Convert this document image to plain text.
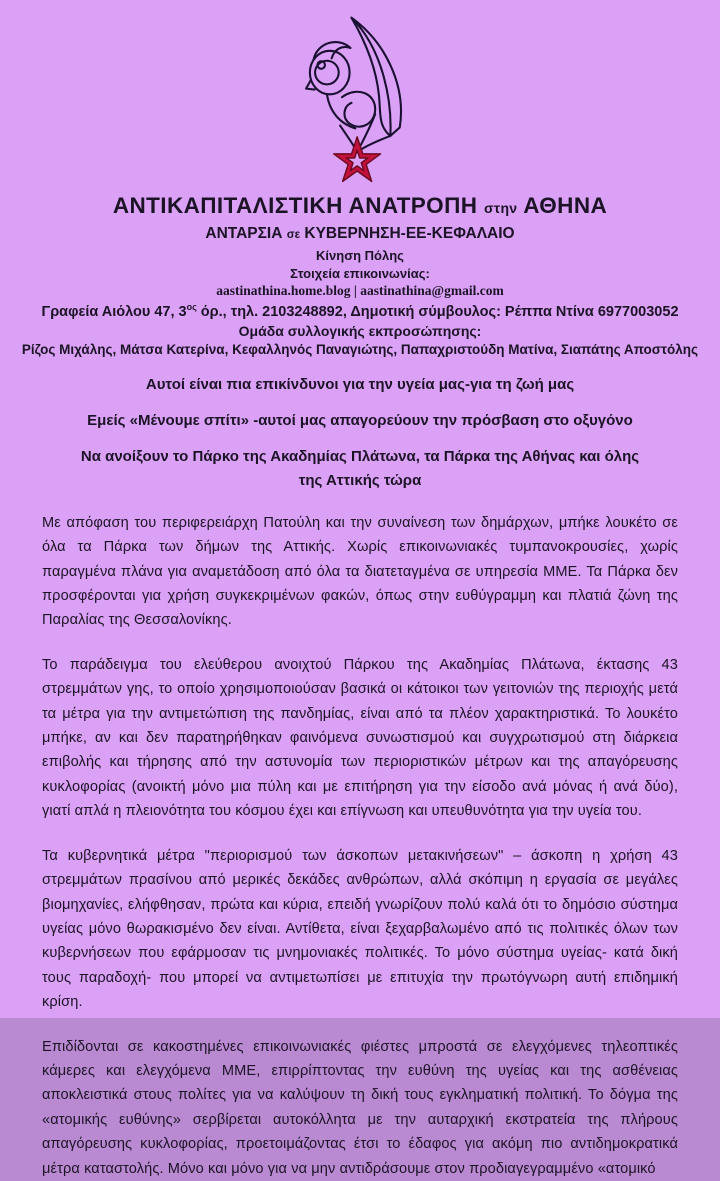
ΑΝΤΙΚΑΠΙΤΑΛΙΣΤΙΚΗ ΑΝΑΤΡΟΠΗ στην ΑΘΗΝΑ
ΑΝΤΑΡΣΙΑ σε ΚΥΒΕΡΝΗΣΗ-ΕΕ-ΚΕΦΑΛΑΙΟ
Κίνηση Πόλης
Στοιχεία επικοινωνίας:
aastinathina.home.blog | aastinathina@gmail.com
Γραφεία Αιόλου 47, $3^{o\varsigma}$ όρ., τηλ. 2103248892, Δημοτική σύμβουλος: Ρέππα Ντίνα 6977003052
Ομάδα συλλογικής εκπροσώπησης:
Ρίζος Μιχάλης, Μάτσα Κατερίνα, Κεφαλληνός Παναγιώτης, Παπαχριστούδη Ματίνα, Σιαπάτης Αποστόλης
Αυτοί είναι πια επικίνδυνοι για την υγεία μας-για τη ζωή μας
Εμείς «Μένουμε σπίτι» -αυτοί μας απαγορεύουν την πρόσβαση στο οξυγόνο
Να ανοίξουν το Πάρκο της Ακαδημίας Πλάτωνα, τα Πάρκα της Αθήνας και όλης της Αττικής τώρα

Με απόφαση του περιφερειάρχη Πατούλη και την συναίνεση των δημάρχων, μπήκε λουκέτο σε όλα τα Πάρκα των δήμων της Αττικής. Χωρίς επικοινωνιακές τυμπανοκρουσίες, χωρίς παραγμένα πλάνα για αναμετάδοση από όλα τα διατεταγμένα σε υπηρεσία ΜΜΕ. Τα Πάρκα δεν προσφέρονται για χρήση συγκεκριμένων φακών, όπως στην ευθύγραμμη και πλατιά ζώνη της Παραλίας της Θεσσαλονίκης.

Το παράδειγμα του ελεύθερου ανοιχτού Πάρκου της Ακαδημίας Πλάτωνα, έκτασης 43 στρεμμάτων γης, το οποίο χρησιμοποιούσαν βασικά οι κάτοικοι των γειτονιών της περιοχής μετά τα μέτρα για την αντιμετώπιση της πανδημίας, είναι από τα πλέον χαρακτηριστικά. Το λουκέτο μπήκε, αν και δεν παρατηρήθηκαν φαινόμενα συνωστισμού και συγχρωτισμού στη διάρκεια επιβολής και τήρησης από την αστυνομία των περιοριστικών μέτρων και της απαγόρευσης κυκλοφορίας (ανοικτή μόνο μια πύλη και με επιτήρηση για την είσοδο ανά μόνας ή ανά δύο), γιατί απλά η πλειονότητα του κόσμου έχει και επίγνωση και υπευθυνότητα για την υγεία του.

Τα κυβερνητικά μέτρα "περιορισμού των άσκοπων μετακινήσεων" – άσκοπη η χρήση 43 στρεμμάτων πρασίνου από μερικές δεκάδες ανθρώπων, αλλά σκόπιμη η εργασία σε μεγάλες βιομηχανίες, ελήφθησαν, πρώτα και κύρια, επειδή γνωρίζουν πολύ καλά ότι το δημόσιο σύστημα υγείας μόνο θωρακισμένο δεν είναι. Αντίθετα, είναι ξεχαρβαλωμένο από τις πολιτικές όλων των κυβερνήσεων που εφάρμοσαν τις μνημονιακές πολιτικές. Το μόνο σύστημα υγείας- κατά δική τους παραδοχή- που μπορεί να αντιμετωπίσει με επιτυχία την πρωτόγνωρη αυτή επιδημική κρίση.

Επιδίδονται σε κακοστημένες επικοινωνιακές φιέστες μπροστά σε ελεγχόμενες τηλεοπτικές κάμερες και ελεγχόμενα ΜΜΕ, επιρρίπτοντας την ευθύνη της υγείας και της ασθένειας αποκλειστικά στους πολίτες για να καλύψουν τη δική τους εγκληματική πολιτική. Το δόγμα της «ατομικής ευθύνης» σερβίρεται αυτοκόλλητα με την αυταρχική εκστρατεία της πλήρους απαγόρευσης κυκλοφορίας, προετοιμάζοντας έτσι το έδαφος για ακόμη πιο αντιδημοκρατικά μέτρα καταστολής. Μόνο και μόνο για να μην αντιδράσουμε στον προδιαγεγραμμένο «ατομικό
